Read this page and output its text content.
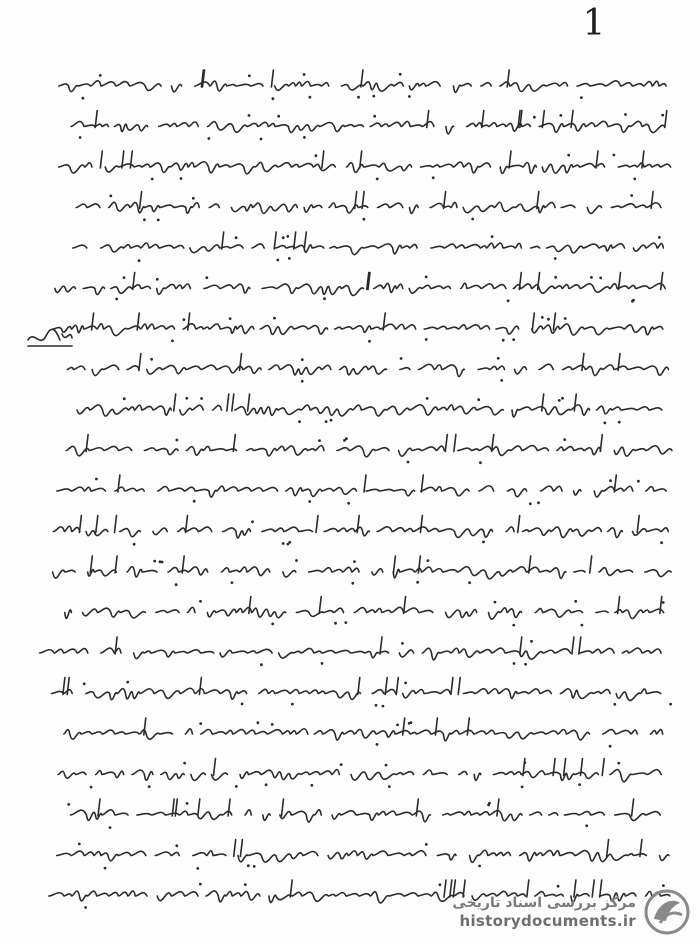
1
مرکز بررسی اسناد تاریخی
historydocuments.ir
